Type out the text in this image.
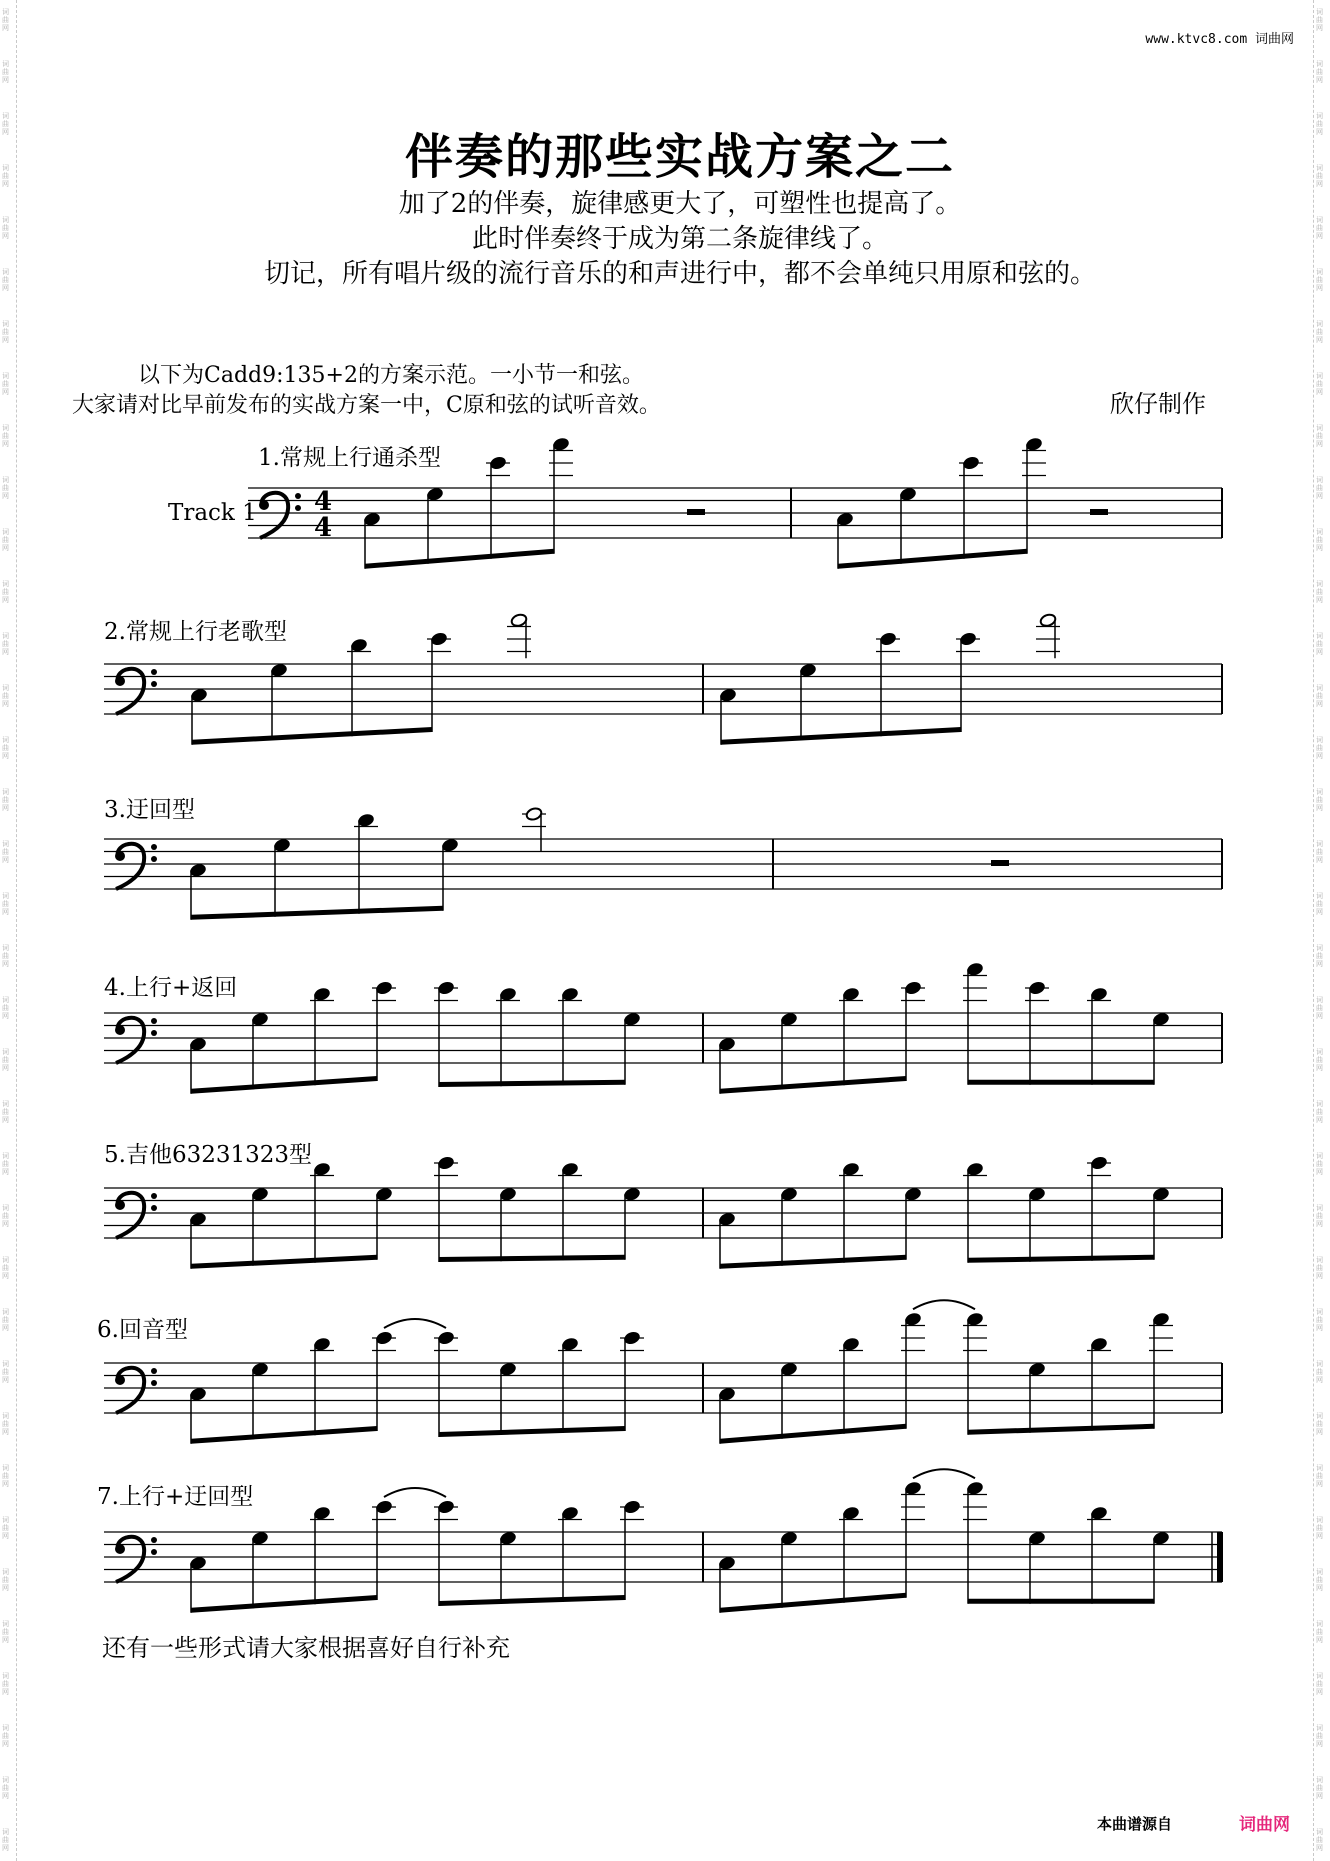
词曲网
词曲网
词曲网
词曲网
词曲网
词曲网
词曲网
词曲网
词曲网
词曲网
词曲网
词曲网
词曲网
词曲网
词曲网
词曲网
词曲网
词曲网
词曲网
词曲网
词曲网
词曲网
词曲网
词曲网
词曲网
词曲网
词曲网
词曲网
词曲网
词曲网
词曲网
词曲网
词曲网
词曲网
词曲网
词曲网
词曲网
词曲网
词曲网
词曲网
词曲网
词曲网
词曲网
词曲网
词曲网
词曲网
词曲网
词曲网
词曲网
词曲网
词曲网
词曲网
词曲网
词曲网
词曲网
词曲网
词曲网
词曲网
词曲网
词曲网
词曲网
词曲网
词曲网
词曲网
词曲网
词曲网
词曲网
词曲网
词曲网
词曲网
词曲网
词曲网
www.ktvc8.com 词曲网
伴奏的那些实战方案之二
加了2的伴奏，旋律感更大了，可塑性也提高了。
此时伴奏终于成为第二条旋律线了。
切记，所有唱片级的流行音乐的和声进行中，都不会单纯只用原和弦的。
以下为Cadd9:135+2的方案示范。一小节一和弦。
大家请对比早前发布的实战方案一中，C原和弦的试听音效。	欣仔制作
1.常规上行通杀型
Track 1 4
4
2.常规上行老歌型
3.迂回型
4.上行+返回
5.吉他63231323型
6.回音型
7.上行+迂回型
还有一些形式请大家根据喜好自行补充
本曲谱源自	词曲网
